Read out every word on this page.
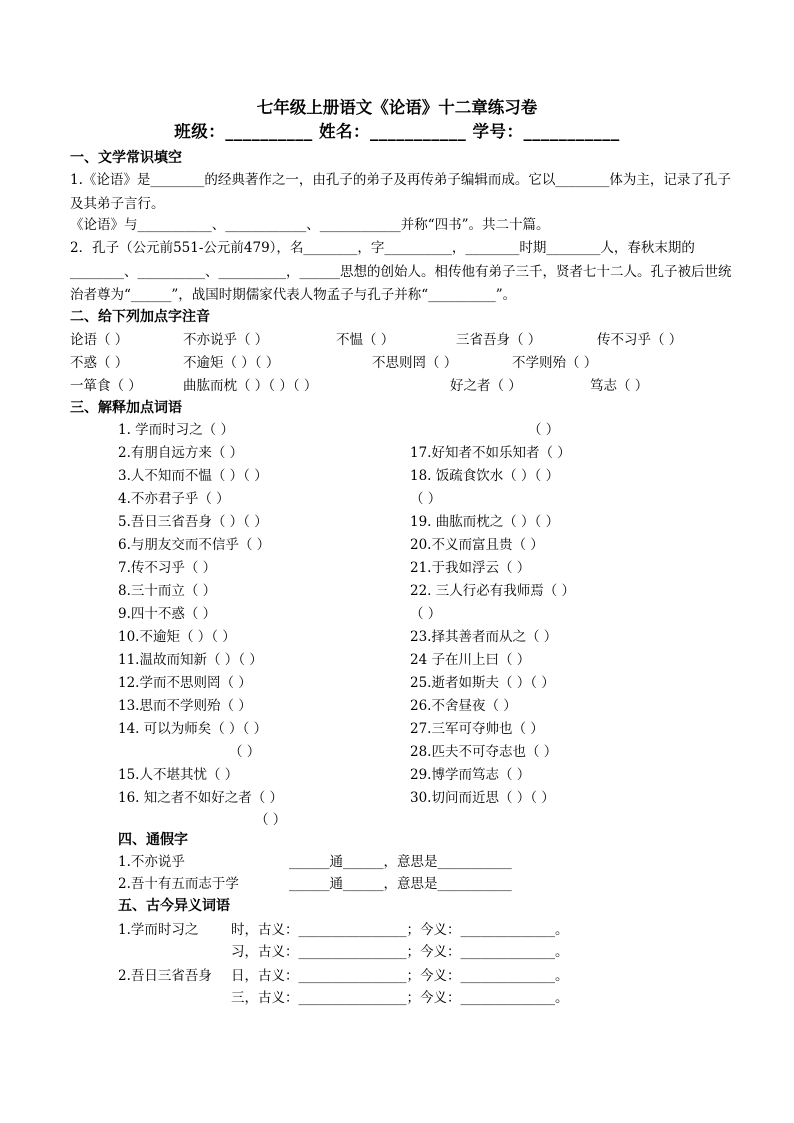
七年级上册语文《论语》十二章练习卷
班级：__________ 姓名：___________ 学号：___________
一、文学常识填空
1.《论语》是________的经典著作之一，由孔子的弟子及再传弟子编辑而成。它以________体为主，记录了孔子及其弟子言行。
《论语》与___________、____________、____________并称“四书”。共二十篇。
2．孔子（公元前551-公元前479），名________，字__________，________时期________人，春秋末期的________、__________、__________，______思想的创始人。相传他有弟子三千，贤者七十二人。孔子被后世统治者尊为“______”，战国时期儒家代表人物孟子与孔子并称“__________”。
二、给下列加点字注音
论语（ ）	不亦说乎（ ）	不愠（ ）	三省吾身（ ）	传不习乎（ ）
不惑（ ）	不逾矩（ ）（ ）	不思则罔（ ）	不学则殆（ ）
一箪食（ ）	曲肱而枕（ ）（ ）（ ）	好之者（ ）	笃志（ ）
三、解释加点词语
1. 学而时习之（ ）
2.有朋自远方来（ ）
3.人不知而不愠（ ）（ ）
4.不亦君子乎（ ）
5.吾日三省吾身（ ）（ ）
6.与朋友交而不信乎（ ）
7.传不习乎（ ）
8.三十而立（ ）
9.四十不惑（ ）
10.不逾矩（ ）（ ）
11.温故而知新（ ）（ ）
12.学而不思则罔（ ）
13.思而不学则殆（ ）
14. 可以为师矣（ ）（ ）
（ ）
15.人不堪其忧（ ）
16. 知之者不如好之者（ ）
（ ）
（ ）
17.好知者不如乐知者（ ）
18. 饭疏食饮水（ ）（ ）
（ ）
19. 曲肱而枕之（ ）（ ）
20.不义而富且贵（ ）
21.于我如浮云（ ）
22. 三人行必有我师焉（ ）
（ ）
23.择其善者而从之（ ）
24 子在川上曰（ ）
25.逝者如斯夫（ ）（ ）
26.不舍昼夜（ ）
27.三军可夺帅也（ ）
28.匹夫不可夺志也（ ）
29.博学而笃志（ ）
30.切问而近思（ ）（ ）
四、通假字
1.不亦说乎	______通______，意思是___________
2.吾十有五而志于学	______通______，意思是___________
五、古今异义词语
1.学而时习之 时，古义：________________；今义：______________。
习，古义：________________；今义：______________。
2.吾日三省吾身 日，古义：________________；今义：______________。
三，古义：________________；今义：______________。
